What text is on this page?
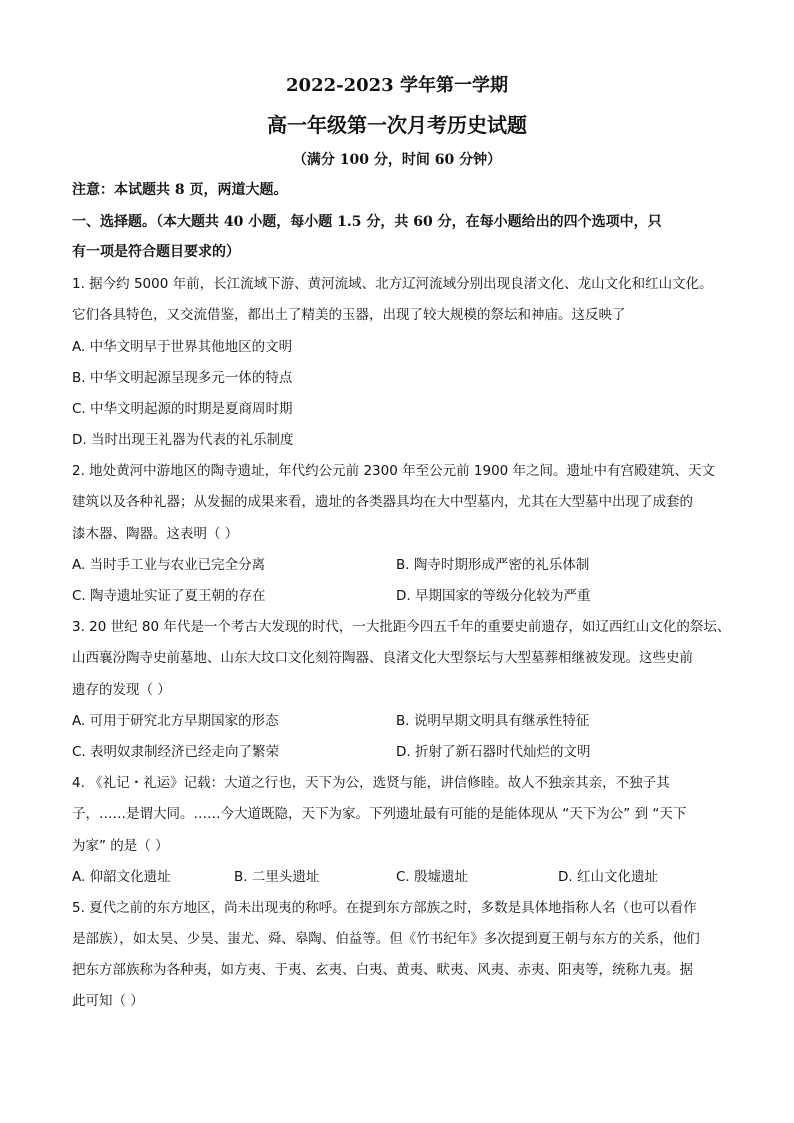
2022-2023 学年第一学期
高一年级第一次月考历史试题
（满分 100 分，时间 60 分钟）
注意：本试题共 8 页，两道大题。
一、选择题。（本大题共 40 小题，每小题 1.5 分，共 60 分，在每小题给出的四个选项中，只
有一项是符合题目要求的）
1. 据今约 5000 年前，长江流域下游、黄河流域、北方辽河流域分别出现良渚文化、龙山文化和红山文化。
它们各具特色，又交流借鉴，都出土了精美的玉器，出现了较大规模的祭坛和神庙。这反映了
A. 中华文明早于世界其他地区的文明
B. 中华文明起源呈现多元一体的特点
C. 中华文明起源的时期是夏商周时期
D. 当时出现王礼器为代表的礼乐制度
2. 地处黄河中游地区的陶寺遗址，年代约公元前 2300 年至公元前 1900 年之间。遗址中有宫殿建筑、天文
建筑以及各种礼器；从发掘的成果来看，遗址的各类器具均在大中型墓内，尤其在大型墓中出现了成套的
漆木器、陶器。这表明（ ）
A. 当时手工业与农业已完全分离	B. 陶寺时期形成严密的礼乐体制
C. 陶寺遗址实证了夏王朝的存在	D. 早期国家的等级分化较为严重
3. 20 世纪 80 年代是一个考古大发现的时代，一大批距今四五千年的重要史前遗存，如辽西红山文化的祭坛、
山西襄汾陶寺史前墓地、山东大坟口文化刻符陶器、良渚文化大型祭坛与大型墓葬相继被发现。这些史前
遗存的发现（ ）
A. 可用于研究北方早期国家的形态	B. 说明早期文明具有继承性特征
C. 表明奴隶制经济已经走向了繁荣	D. 折射了新石器时代灿烂的文明
4. 《礼记・礼运》记载：大道之行也，天下为公，选贤与能，讲信修睦。故人不独亲其亲，不独子其
子，……是谓大同。……今大道既隐，天下为家。下列遗址最有可能的是能体现从 “天下为公” 到 “天下
为家” 的是（ ）
A. 仰韶文化遗址	B. 二里头遗址	C. 殷墟遗址	D. 红山文化遗址
5. 夏代之前的东方地区，尚未出现夷的称呼。在提到东方部族之时，多数是具体地指称人名（也可以看作
是部族），如太昊、少昊、蚩尤、舜、皋陶、伯益等。但《竹书纪年》多次提到夏王朝与东方的关系，他们
把东方部族称为各种夷，如方夷、于夷、玄夷、白夷、黄夷、畎夷、风夷、赤夷、阳夷等，统称九夷。据
此可知（ ）
